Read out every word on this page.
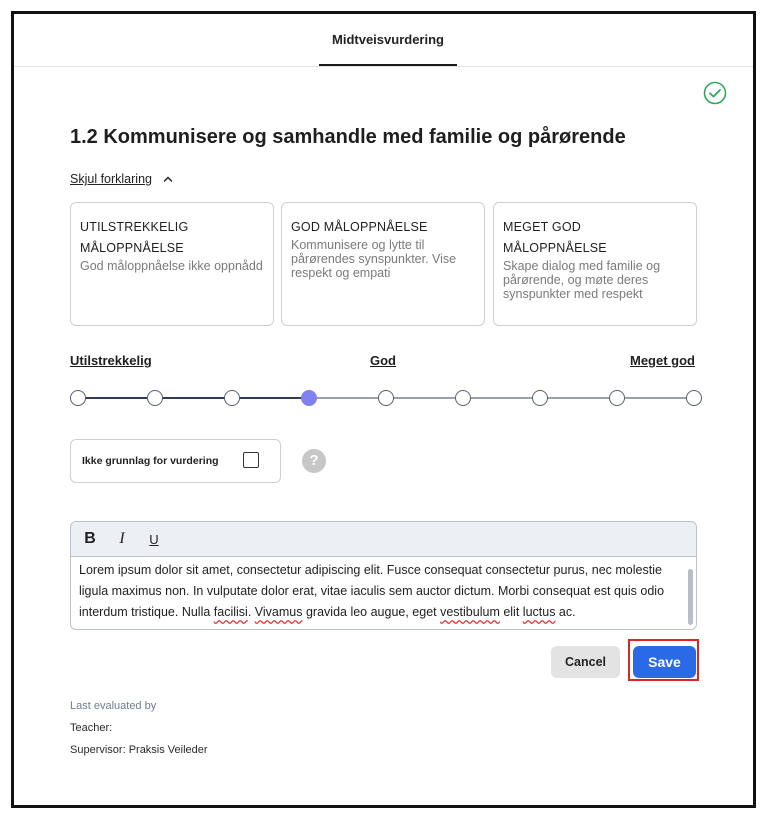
Midtveisvurdering
1.2 Kommunisere og samhandle med familie og pårørende
Skjul forklaring
UTILSTREKKELIG MÅLOPPNÅELSE
God måloppnåelse ikke oppnådd
GOD MÅLOPPNÅELSE
Kommunisere og lytte til pårørendes synspunkter. Vise respekt og empati
MEGET GOD MÅLOPPNÅELSE
Skape dialog med familie og pårørende, og møte deres synspunkter med respekt
Utilstrekkelig	God	Meget god
Ikke grunnlag for vurdering	?
B	I	U
Lorem ipsum dolor sit amet, consectetur adipiscing elit. Fusce consequat consectetur purus, nec molestie ligula maximus non. In vulputate dolor erat, vitae iaculis sem auctor dictum. Morbi consequat est quis odio interdum tristique. Nulla facilisi. Vivamus gravida leo augue, eget vestibulum elit luctus ac.
Cancel	Save
Last evaluated by
Teacher:
Supervisor: Praksis Veileder
